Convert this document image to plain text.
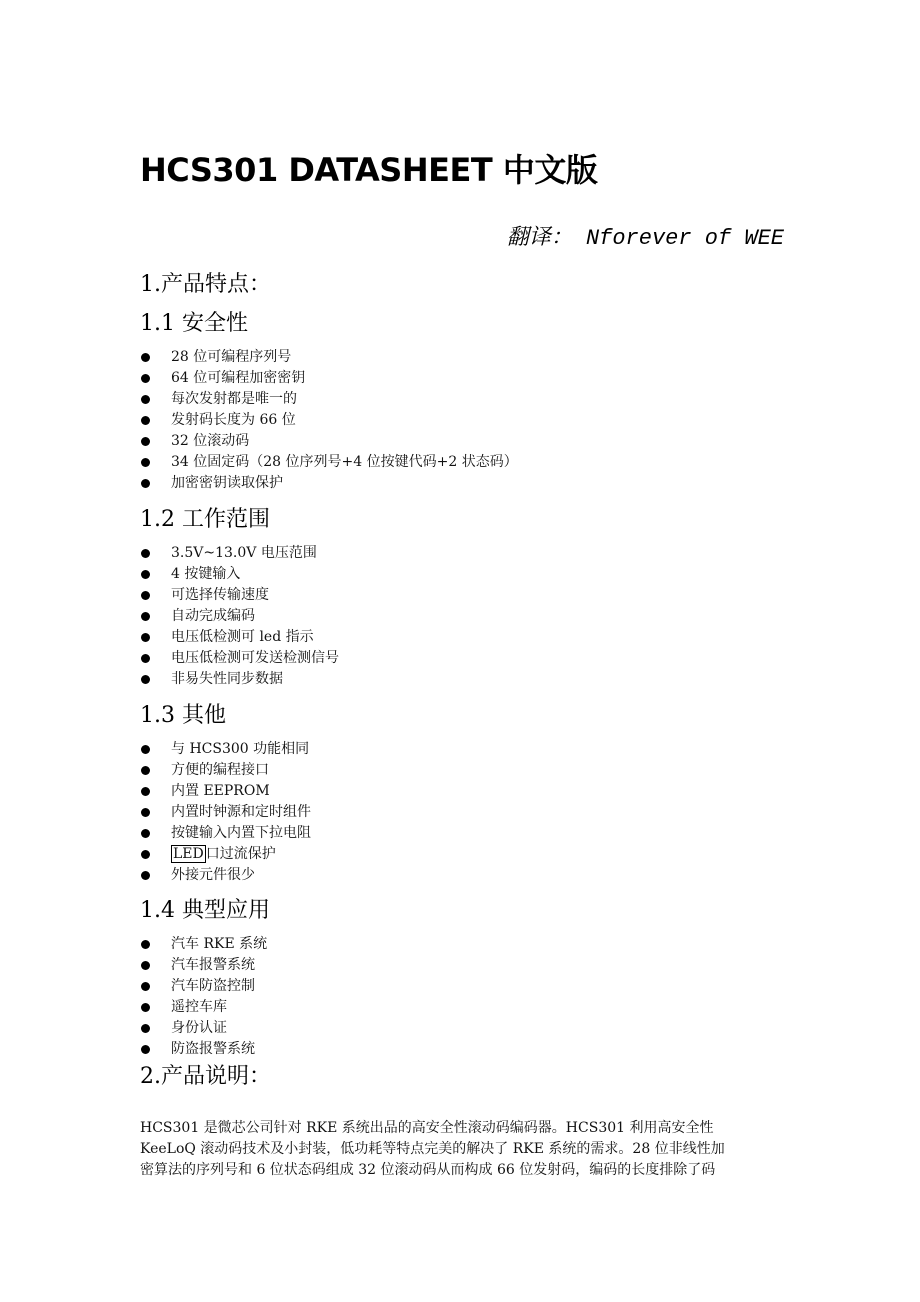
HCS301 DATASHEET 中文版
翻译： Nforever of WEE
1.产品特点：
1.1 安全性
28 位可编程序列号
64 位可编程加密密钥
每次发射都是唯一的
发射码长度为 66 位
32 位滚动码
34 位固定码（28 位序列号+4 位按键代码+2 状态码）
加密密钥读取保护
1.2 工作范围
3.5V~13.0V 电压范围
4 按键输入
可选择传输速度
自动完成编码
电压低检测可 led 指示
电压低检测可发送检测信号
非易失性同步数据
1.3 其他
与 HCS300 功能相同
方便的编程接口
内置 EEPROM
内置时钟源和定时组件
按键输入内置下拉电阻
LED 口过流保护
外接元件很少
1.4 典型应用
汽车 RKE 系统
汽车报警系统
汽车防盗控制
遥控车库
身份认证
防盗报警系统
2.产品说明：
HCS301 是微芯公司针对 RKE 系统出品的高安全性滚动码编码器。HCS301 利用高安全性
KeeLoQ 滚动码技术及小封装，低功耗等特点完美的解决了 RKE 系统的需求。28 位非线性加
密算法的序列号和 6 位状态码组成 32 位滚动码从而构成 66 位发射码，编码的长度排除了码
